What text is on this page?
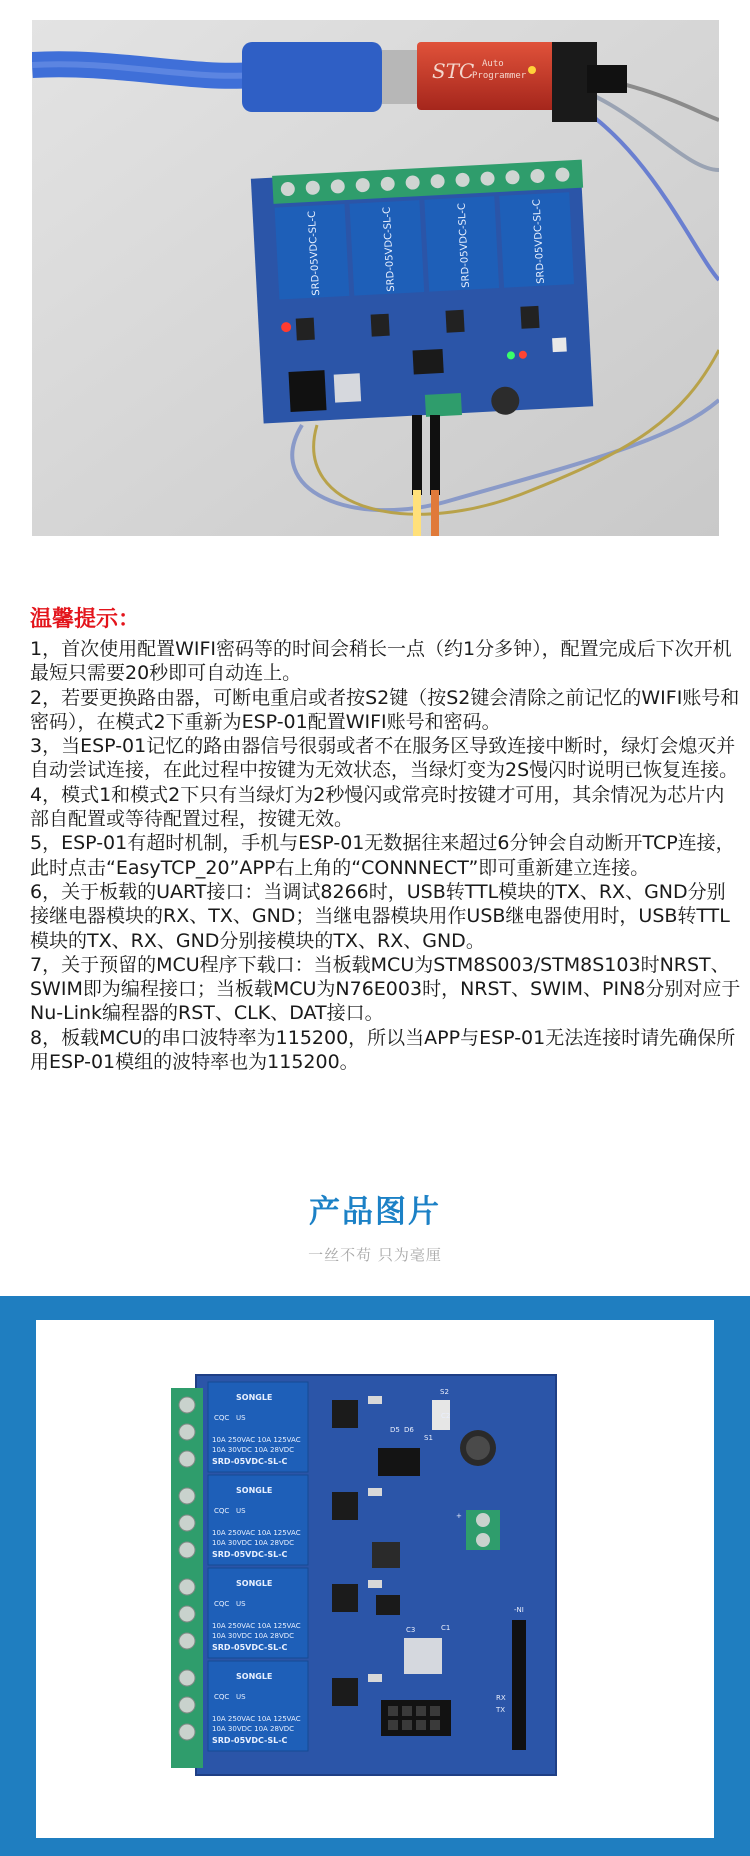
STC Auto
Programmer
SRD-05VDC-SL-C	SRD-05VDC-SL-C	SRD-05VDC-SL-C	SRD-05VDC-SL-C
温馨提示：

1，首次使用配置WIFI密码等的时间会稍长一点（约1分多钟），配置完成后下次开机最短只需要20秒即可自动连上。

2，若要更换路由器，可断电重启或者按S2键（按S2键会清除之前记忆的WIFI账号和密码），在模式2下重新为ESP-01配置WIFI账号和密码。

3，当ESP-01记忆的路由器信号很弱或者不在服务区导致连接中断时，绿灯会熄灭并自动尝试连接，在此过程中按键为无效状态，当绿灯变为2S慢闪时说明已恢复连接。

4，模式1和模式2下只有当绿灯为2秒慢闪或常亮时按键才可用，其余情况为芯片内部自配置或等待配置过程，按键无效。

5，ESP-01有超时机制，手机与ESP-01无数据往来超过6分钟会自动断开TCP连接，此时点击“EasyTCP_20”APP右上角的“CONNNECT”即可重新建立连接。

6，关于板载的UART接口：当调试8266时，USB转TTL模块的TX、RX、GND分别接继电器模块的RX、TX、GND；当继电器模块用作USB继电器使用时，USB转TTL模块的TX、RX、GND分别接模块的TX、RX、GND。

7，关于预留的MCU程序下载口：当板载MCU为STM8S003/STM8S103时NRST、SWIM即为编程接口；当板载MCU为N76E003时，NRST、SWIM、PIN8分别对应于Nu-Link编程器的RST、CLK、DAT接口。

8，板载MCU的串口波特率为115200，所以当APP与ESP-01无法连接时请先确保所用ESP-01模组的波特率也为115200。

产品图片
一丝不苟 只为毫厘
SONGLE
CQC US
10A 250VAC 10A 125VAC
10A 30VDC 10A 28VDC
SRD-05VDC-SL-C
SONGLE
CQC US
10A 250VAC 10A 125VAC
10A 30VDC 10A 28VDC
SRD-05VDC-SL-C
SONGLE
CQC US
10A 250VAC 10A 125VAC
10A 30VDC 10A 28VDC
SRD-05VDC-SL-C
SONGLE
CQC US
10A 250VAC 10A 125VAC
10A 30VDC 10A 28VDC
SRD-05VDC-SL-C
S2
S1
D5 D6
C2
C1
C3
+
-NI
RX
TX
